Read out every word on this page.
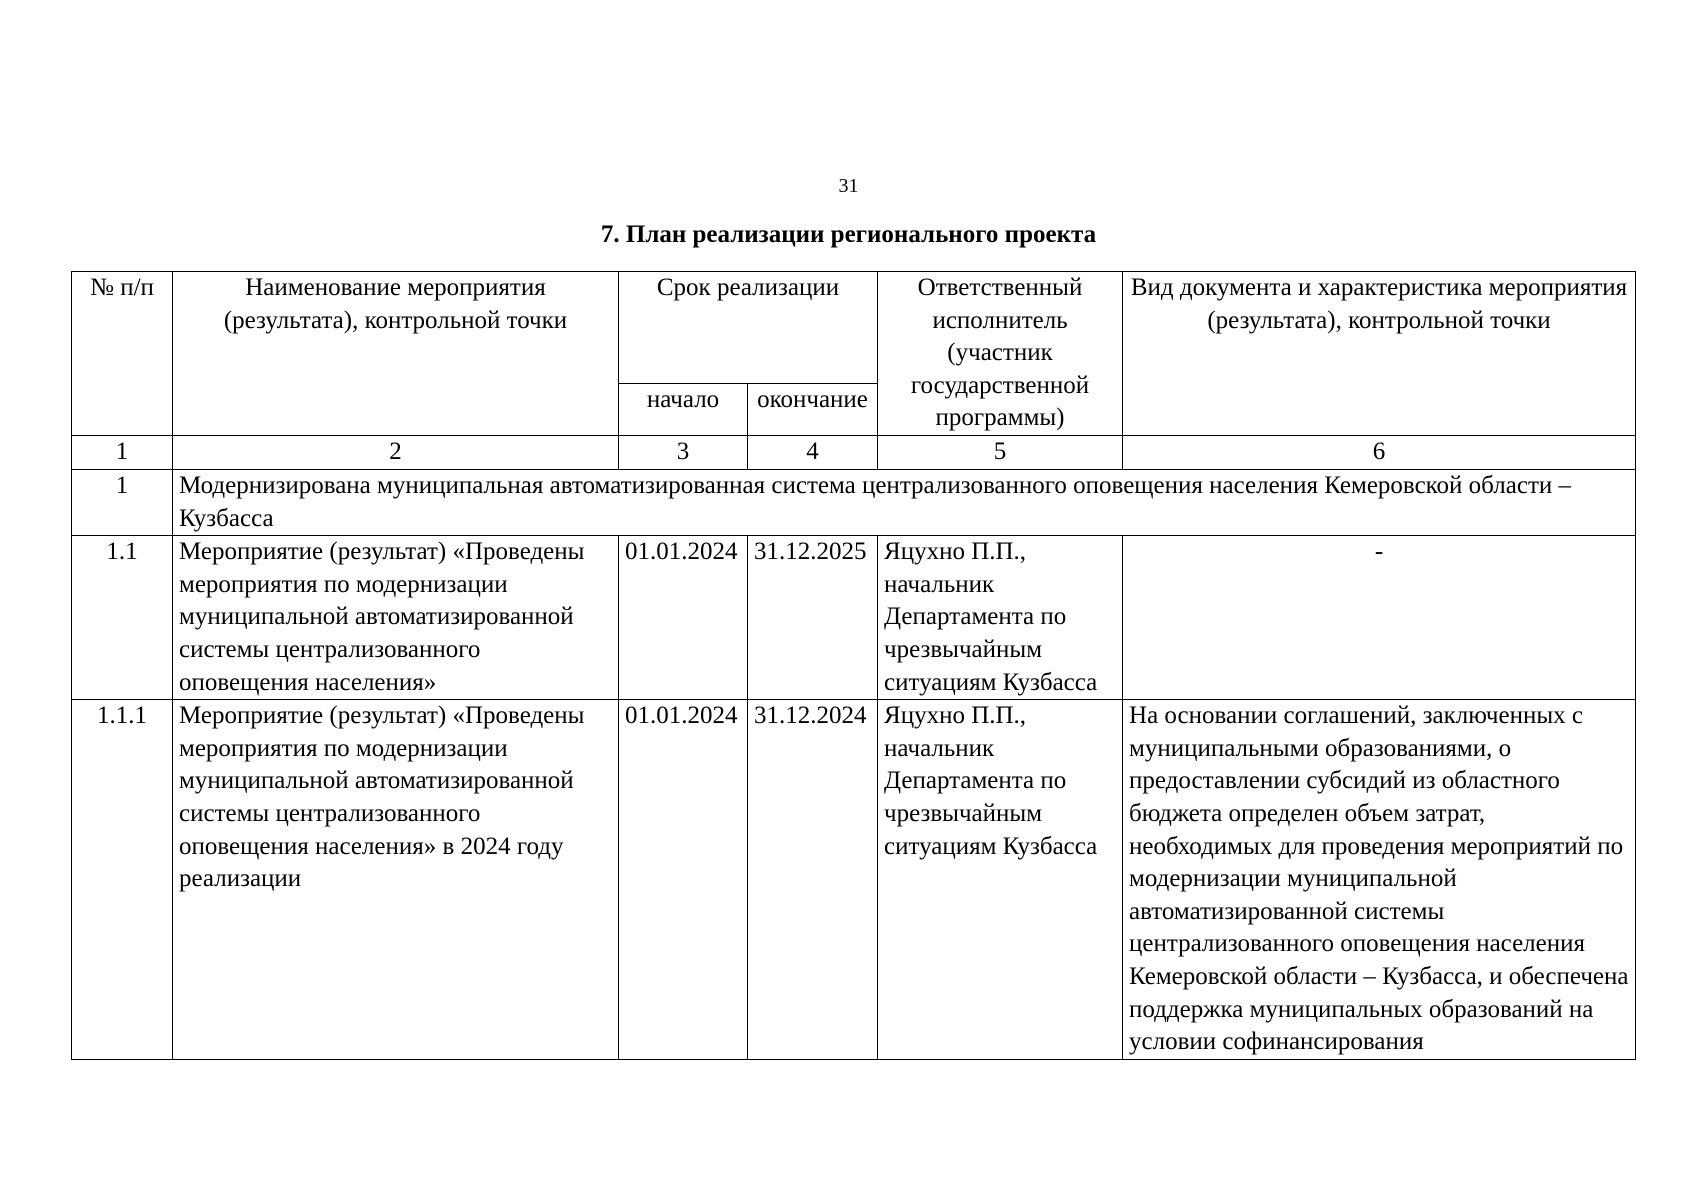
31
7. План реализации регионального проекта
№ п/п	Наименование мероприятия (результата), контрольной точки	Срок реализации		Ответственный исполнитель (участник государственной программы)	Вид документа и характеристика мероприятия (результата), контрольной точки
		начало	окончание		
1	2	3	4	5	6
1	Модернизирована муниципальная автоматизированная система централизованного оповещения населения Кемеровской области – Кузбасса				
1.1	Мероприятие (результат) «Проведены мероприятия по модернизации муниципальной автоматизированной системы централизованного оповещения населения»	01.01.2024	31.12.2025	Яцухно П.П., начальник Департамента по чрезвычайным ситуациям Кузбасса	-
1.1.1	Мероприятие (результат) «Проведены мероприятия по модернизации муниципальной автоматизированной системы централизованного оповещения населения» в 2024 году реализации	01.01.2024	31.12.2024	Яцухно П.П., начальник Департамента по чрезвычайным ситуациям Кузбасса	На основании соглашений, заключенных с муниципальными образованиями, о предоставлении субсидий из областного бюджета определен объем затрат, необходимых для проведения мероприятий по модернизации муниципальной автоматизированной системы централизованного оповещения населения Кемеровской области – Кузбасса, и обеспечена поддержка муниципальных образований на условии софинансирования
